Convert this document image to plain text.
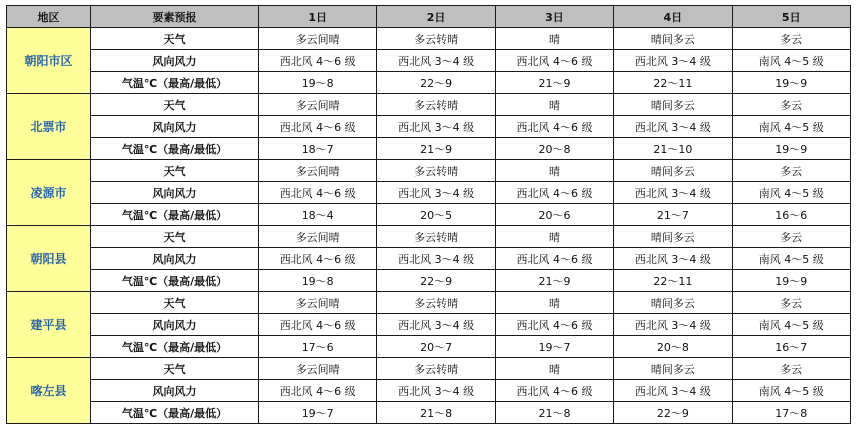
地区	要素预报	1日	2日	3日	4日	5日
朝阳市区	天气	多云间晴	多云转晴	晴	晴间多云	多云
	风向风力	西北风 4～6 级	西北风 3～4 级	西北风 4～6 级	西北风 3～4 级	南风 4～5 级
	气温℃（最高/最低）	19～8	22～9	21～9	22～11	19～9
北票市	天气	多云间晴	多云转晴	晴	晴间多云	多云
	风向风力	西北风 4～6 级	西北风 3～4 级	西北风 4～6 级	西北风 3～4 级	南风 4～5 级
	气温℃（最高/最低）	18～7	21～9	20～8	21～10	19～9
凌源市	天气	多云间晴	多云转晴	晴	晴间多云	多云
	风向风力	西北风 4～6 级	西北风 3～4 级	西北风 4～6 级	西北风 3～4 级	南风 4～5 级
	气温℃（最高/最低）	18～4	20～5	20～6	21～7	16～6
朝阳县	天气	多云间晴	多云转晴	晴	晴间多云	多云
	风向风力	西北风 4～6 级	西北风 3～4 级	西北风 4～6 级	西北风 3～4 级	南风 4～5 级
	气温℃（最高/最低）	19～8	22～9	21～9	22～11	19～9
建平县	天气	多云间晴	多云转晴	晴	晴间多云	多云
	风向风力	西北风 4～6 级	西北风 3～4 级	西北风 4～6 级	西北风 3～4 级	南风 4～5 级
	气温℃（最高/最低）	17～6	20～7	19～7	20～8	16～7
喀左县	天气	多云间晴	多云转晴	晴	晴间多云	多云
	风向风力	西北风 4～6 级	西北风 3～4 级	西北风 4～6 级	西北风 3～4 级	南风 4～5 级
	气温℃（最高/最低）	19～7	21～8	21～8	22～9	17～8
